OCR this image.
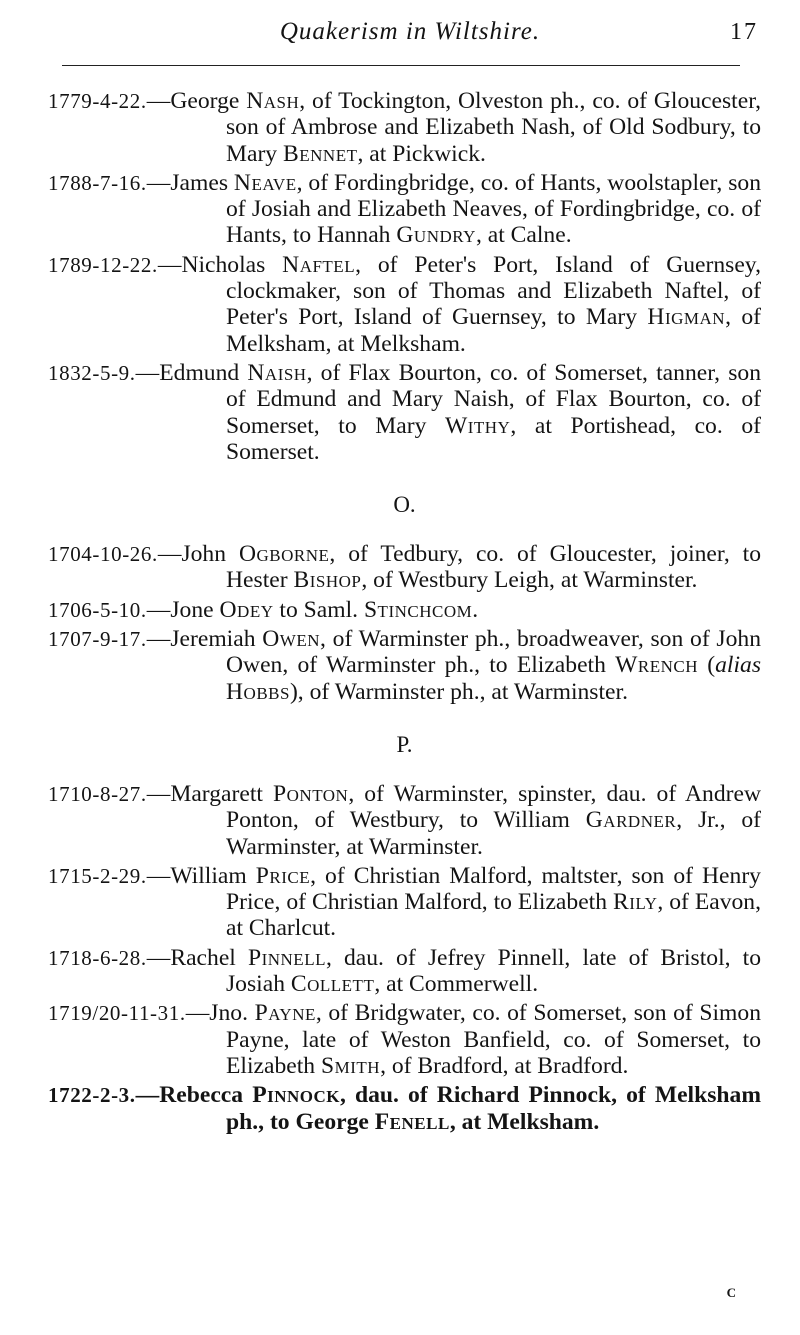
Quakerism in Wiltshire.	17
1779-4-22.—George Nash, of Tockington, Olveston ph., co. of Gloucester, son of Ambrose and Elizabeth Nash, of Old Sodbury, to Mary Bennet, at Pickwick.
1788-7-16.—James Neave, of Fordingbridge, co. of Hants, woolstapler, son of Josiah and Elizabeth Neaves, of Fordingbridge, co. of Hants, to Hannah Gundry, at Calne.
1789-12-22.—Nicholas Naftel, of Peter's Port, Island of Guernsey, clockmaker, son of Thomas and Elizabeth Naftel, of Peter's Port, Island of Guernsey, to Mary Higman, of Melksham, at Melksham.
1832-5-9.—Edmund Naish, of Flax Bourton, co. of Somerset, tanner, son of Edmund and Mary Naish, of Flax Bourton, co. of Somerset, to Mary Withy, at Portishead, co. of Somerset.
O.
1704-10-26.—John Ogborne, of Tedbury, co. of Gloucester, joiner, to Hester Bishop, of Westbury Leigh, at Warminster.
1706-5-10.—Jone Odey to Saml. Stinchcom.
1707-9-17.—Jeremiah Owen, of Warminster ph., broadweaver, son of John Owen, of Warminster ph., to Elizabeth Wrench (alias Hobbs), of Warminster ph., at Warminster.
P.
1710-8-27.—Margarett Ponton, of Warminster, spinster, dau. of Andrew Ponton, of Westbury, to William Gardner, Jr., of Warminster, at Warminster.
1715-2-29.—William Price, of Christian Malford, maltster, son of Henry Price, of Christian Malford, to Elizabeth Rily, of Eavon, at Charlcut.
1718-6-28.—Rachel Pinnell, dau. of Jefrey Pinnell, late of Bristol, to Josiah Collett, at Commerwell.
1719/20-11-31.—Jno. Payne, of Bridgwater, co. of Somerset, son of Simon Payne, late of Weston Banfield, co. of Somerset, to Elizabeth Smith, of Bradford, at Bradford.
1722-2-3.—Rebecca Pinnock, dau. of Richard Pinnock, of Melksham ph., to George Fenell, at Melksham.
c
